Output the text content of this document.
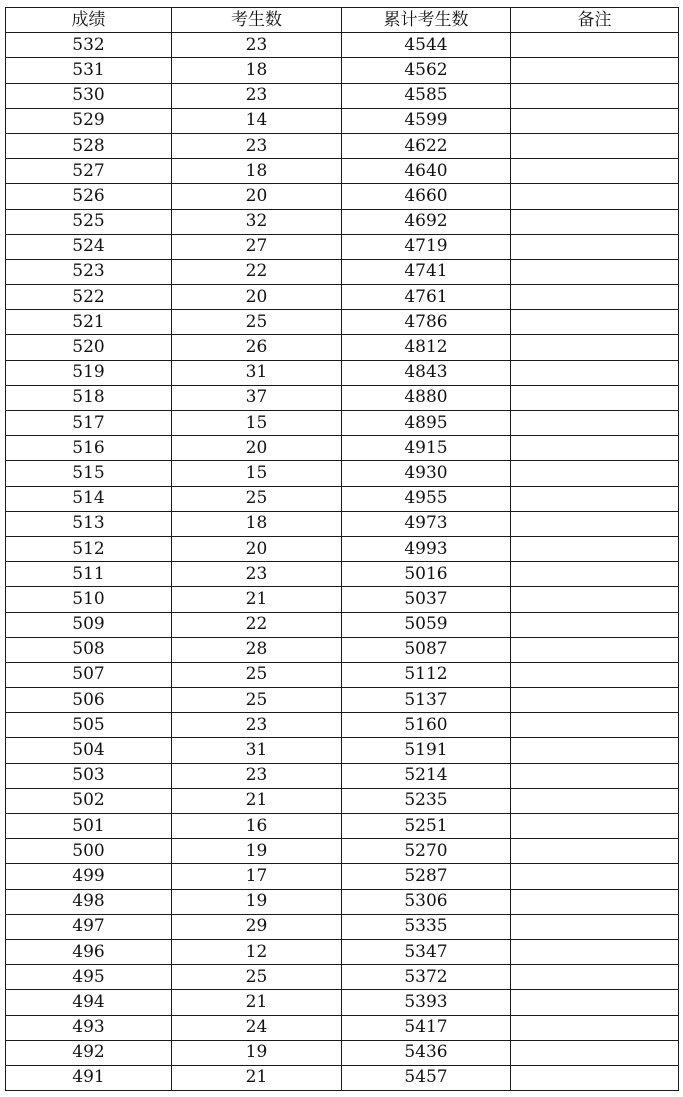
成绩	考生数	累计考生数	备注
532	23	4544	
531	18	4562	
530	23	4585	
529	14	4599	
528	23	4622	
527	18	4640	
526	20	4660	
525	32	4692	
524	27	4719	
523	22	4741	
522	20	4761	
521	25	4786	
520	26	4812	
519	31	4843	
518	37	4880	
517	15	4895	
516	20	4915	
515	15	4930	
514	25	4955	
513	18	4973	
512	20	4993	
511	23	5016	
510	21	5037	
509	22	5059	
508	28	5087	
507	25	5112	
506	25	5137	
505	23	5160	
504	31	5191	
503	23	5214	
502	21	5235	
501	16	5251	
500	19	5270	
499	17	5287	
498	19	5306	
497	29	5335	
496	12	5347	
495	25	5372	
494	21	5393	
493	24	5417	
492	19	5436	
491	21	5457	
